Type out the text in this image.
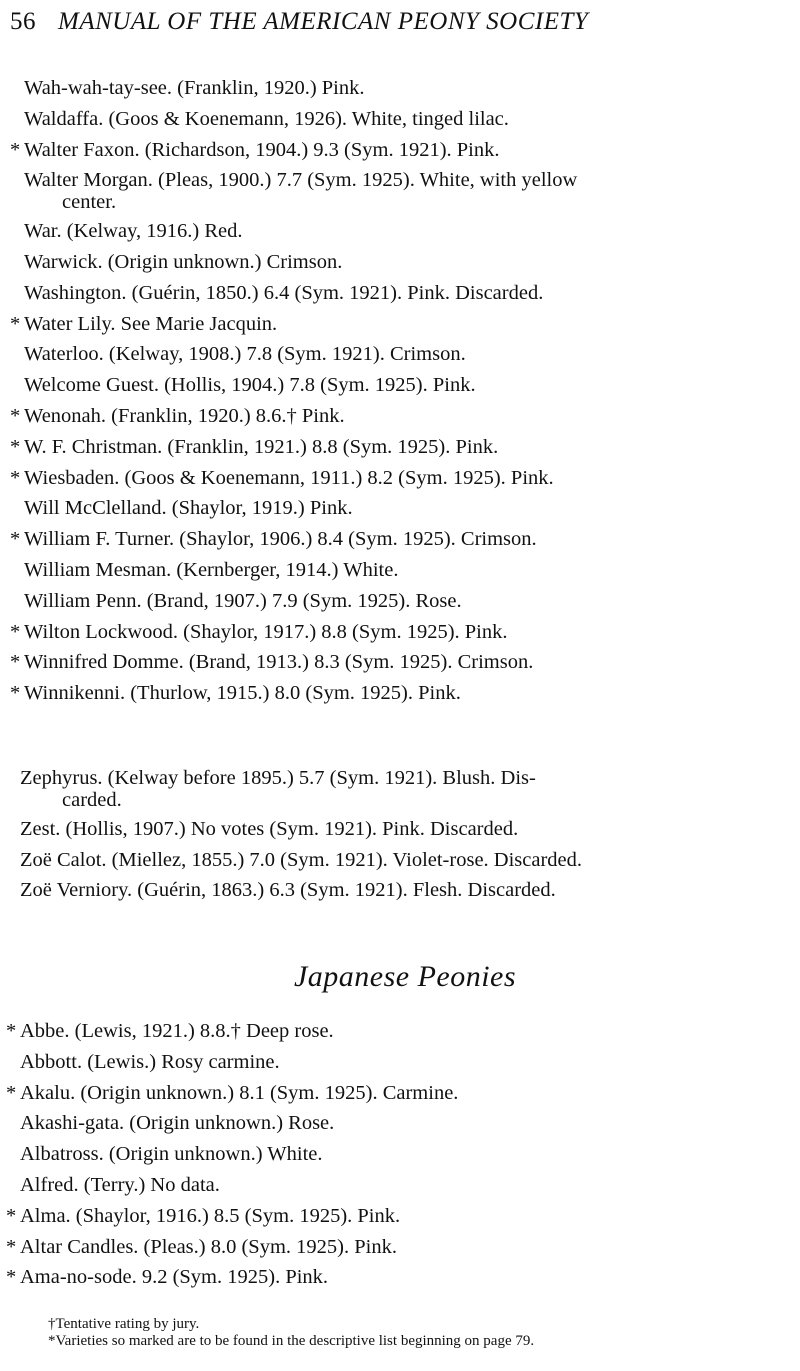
56 MANUAL OF THE AMERICAN PEONY SOCIETY
Wah-wah-tay-see. (Franklin, 1920.) Pink.
Waldaffa. (Goos & Koenemann, 1926). White, tinged lilac.
* Walter Faxon. (Richardson, 1904.) 9.3 (Sym. 1921). Pink.
Walter Morgan. (Pleas, 1900.) 7.7 (Sym. 1925). White, with yellow
center.
War. (Kelway, 1916.) Red.
Warwick. (Origin unknown.) Crimson.
Washington. (Guérin, 1850.) 6.4 (Sym. 1921). Pink. Discarded.
* Water Lily. See Marie Jacquin.
Waterloo. (Kelway, 1908.) 7.8 (Sym. 1921). Crimson.
Welcome Guest. (Hollis, 1904.) 7.8 (Sym. 1925). Pink.
* Wenonah. (Franklin, 1920.) 8.6.† Pink.
* W. F. Christman. (Franklin, 1921.) 8.8 (Sym. 1925). Pink.
* Wiesbaden. (Goos & Koenemann, 1911.) 8.2 (Sym. 1925). Pink.
Will McClelland. (Shaylor, 1919.) Pink.
* William F. Turner. (Shaylor, 1906.) 8.4 (Sym. 1925). Crimson.
William Mesman. (Kernberger, 1914.) White.
William Penn. (Brand, 1907.) 7.9 (Sym. 1925). Rose.
* Wilton Lockwood. (Shaylor, 1917.) 8.8 (Sym. 1925). Pink.
* Winnifred Domme. (Brand, 1913.) 8.3 (Sym. 1925). Crimson.
* Winnikenni. (Thurlow, 1915.) 8.0 (Sym. 1925). Pink.
Zephyrus. (Kelway before 1895.) 5.7 (Sym. 1921). Blush. Dis-
carded.
Zest. (Hollis, 1907.) No votes (Sym. 1921). Pink. Discarded.
Zoë Calot. (Miellez, 1855.) 7.0 (Sym. 1921). Violet-rose. Discarded.
Zoë Verniory. (Guérin, 1863.) 6.3 (Sym. 1921). Flesh. Discarded.
Japanese Peonies
* Abbe. (Lewis, 1921.) 8.8.† Deep rose.
Abbott. (Lewis.) Rosy carmine.
* Akalu. (Origin unknown.) 8.1 (Sym. 1925). Carmine.
Akashi-gata. (Origin unknown.) Rose.
Albatross. (Origin unknown.) White.
Alfred. (Terry.) No data.
* Alma. (Shaylor, 1916.) 8.5 (Sym. 1925). Pink.
* Altar Candles. (Pleas.) 8.0 (Sym. 1925). Pink.
* Ama-no-sode. 9.2 (Sym. 1925). Pink.
†Tentative rating by jury.
*Varieties so marked are to be found in the descriptive list beginning on page 79.
